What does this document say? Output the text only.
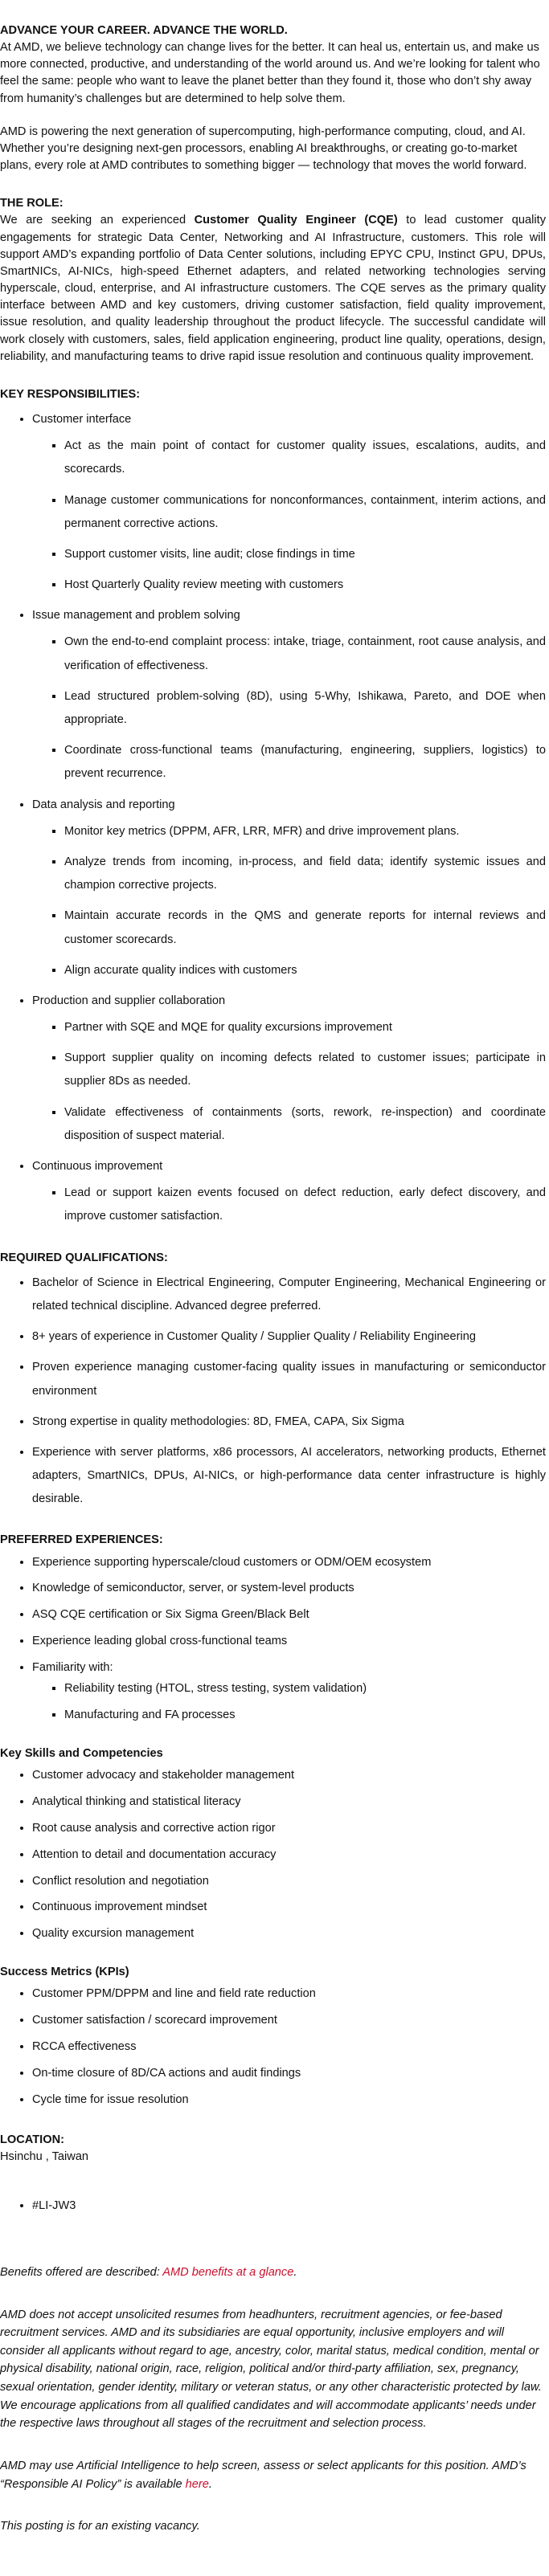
ADVANCE YOUR CAREER. ADVANCE THE WORLD.

At AMD, we believe technology can change lives for the better. It can heal us, entertain us, and make us more connected, productive, and understanding of the world around us. And we’re looking for talent who feel the same: people who want to leave the planet better than they found it, those who don’t shy away from humanity’s challenges but are determined to help solve them.

AMD is powering the next generation of supercomputing, high-performance computing, cloud, and AI. Whether you’re designing next-gen processors, enabling AI breakthroughs, or creating go-to-market plans, every role at AMD contributes to something bigger — technology that moves the world forward.

THE ROLE:

We are seeking an experienced Customer Quality Engineer (CQE) to lead customer quality engagements for strategic Data Center, Networking and AI Infrastructure, customers. This role will support AMD’s expanding portfolio of Data Center solutions, including EPYC CPU, Instinct GPU, DPUs, SmartNICs, AI-NICs, high-speed Ethernet adapters, and related networking technologies serving hyperscale, cloud, enterprise, and AI infrastructure customers. The CQE serves as the primary quality interface between AMD and key customers, driving customer satisfaction, field quality improvement, issue resolution, and quality leadership throughout the product lifecycle. The successful candidate will work closely with customers, sales, field application engineering, product line quality, operations, design, reliability, and manufacturing teams to drive rapid issue resolution and continuous quality improvement.

KEY RESPONSIBILITIES:

• Customer interface
▪ Act as the main point of contact for customer quality issues, escalations, audits, and scorecards.
▪ Manage customer communications for nonconformances, containment, interim actions, and permanent corrective actions.
▪ Support customer visits, line audit; close findings in time
▪ Host Quarterly Quality review meeting with customers
• Issue management and problem solving
▪ Own the end-to-end complaint process: intake, triage, containment, root cause analysis, and verification of effectiveness.
▪ Lead structured problem-solving (8D), using 5-Why, Ishikawa, Pareto, and DOE when appropriate.
▪ Coordinate cross-functional teams (manufacturing, engineering, suppliers, logistics) to prevent recurrence.
• Data analysis and reporting
▪ Monitor key metrics (DPPM, AFR, LRR, MFR) and drive improvement plans.
▪ Analyze trends from incoming, in-process, and field data; identify systemic issues and champion corrective projects.
▪ Maintain accurate records in the QMS and generate reports for internal reviews and customer scorecards.
▪ Align accurate quality indices with customers
• Production and supplier collaboration
▪ Partner with SQE and MQE for quality excursions improvement
▪ Support supplier quality on incoming defects related to customer issues; participate in supplier 8Ds as needed.
▪ Validate effectiveness of containments (sorts, rework, re-inspection) and coordinate disposition of suspect material.
• Continuous improvement
▪ Lead or support kaizen events focused on defect reduction, early defect discovery, and improve customer satisfaction.

REQUIRED QUALIFICATIONS:

• Bachelor of Science in Electrical Engineering, Computer Engineering, Mechanical Engineering or related technical discipline. Advanced degree preferred.
• 8+ years of experience in Customer Quality / Supplier Quality / Reliability Engineering
• Proven experience managing customer-facing quality issues in manufacturing or semiconductor environment
• Strong expertise in quality methodologies: 8D, FMEA, CAPA, Six Sigma
• Experience with server platforms, x86 processors, AI accelerators, networking products, Ethernet adapters, SmartNICs, DPUs, AI-NICs, or high-performance data center infrastructure is highly desirable.

PREFERRED EXPERIENCES:

• Experience supporting hyperscale/cloud customers or ODM/OEM ecosystem
• Knowledge of semiconductor, server, or system-level products
• ASQ CQE certification or Six Sigma Green/Black Belt
• Experience leading global cross-functional teams
• Familiarity with:
▪ Reliability testing (HTOL, stress testing, system validation)
▪ Manufacturing and FA processes

Key Skills and Competencies

• Customer advocacy and stakeholder management
• Analytical thinking and statistical literacy
• Root cause analysis and corrective action rigor
• Attention to detail and documentation accuracy
• Conflict resolution and negotiation
• Continuous improvement mindset
• Quality excursion management

Success Metrics (KPIs)

• Customer PPM/DPPM and line and field rate reduction
• Customer satisfaction / scorecard improvement
• RCCA effectiveness
• On-time closure of 8D/CA actions and audit findings
• Cycle time for issue resolution

LOCATION:

Hsinchu , Taiwan

• #LI-JW3

Benefits offered are described: AMD benefits at a glance.

AMD does not accept unsolicited resumes from headhunters, recruitment agencies, or fee-based recruitment services. AMD and its subsidiaries are equal opportunity, inclusive employers and will consider all applicants without regard to age, ancestry, color, marital status, medical condition, mental or physical disability, national origin, race, religion, political and/or third-party affiliation, sex, pregnancy, sexual orientation, gender identity, military or veteran status, or any other characteristic protected by law. We encourage applications from all qualified candidates and will accommodate applicants’ needs under the respective laws throughout all stages of the recruitment and selection process.

AMD may use Artificial Intelligence to help screen, assess or select applicants for this position. AMD’s “Responsible AI Policy” is available here.

This posting is for an existing vacancy.
